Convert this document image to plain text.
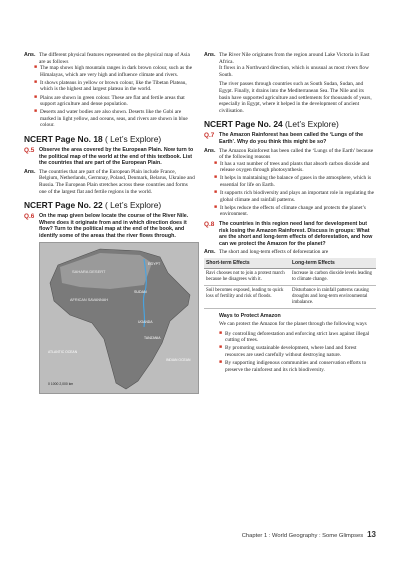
Ans. The different physical features represented on the physical map of Asia are as follows
■ The map shows high mountain ranges in dark brown colour, such as the Himalayas, which are very high and influence climate and rivers.
■ It shows plateaus in yellow or brown colour, like the Tibetan Plateau, which is the highest and largest plateau in the world.
■ Plains are shown in green colour. These are flat and fertile areas that support agriculture and dense population.
■ Deserts and water bodies are also shown. Deserts like the Gobi are marked in light yellow, and oceans, seas, and rivers are shown in blue colour.
NCERT Page No. 18 ( Let’s Explore)
Q.5 Observe the area covered by the European Plain. Now turn to the political map of the world at the end of this textbook. List the countries that are part of the European Plain.
Ans. The countries that are part of the European Plain include France, Belgium, Netherlands, Germnay, Poland, Denmark, Belarus, Ukraine and Russia. The European Plain stretches across these countries and forms one of the largest flat and fertile regions in the world.
NCERT Page No. 22 ( Let’s Explore)
Q.6 On the map given below locate the course of the River Nile. Where does it originate from and in which direction does it flow? Turn to the political map at the end of the book, and identify some of the areas that the river flows through.
SAHARA DESERT
EGYPT
SUDAN
AFRICAN SAVANNAH
UGANDA
TANZANIA
ATLANTIC OCEAN
INDIAN OCEAN
0 1000 2,000 km
Ans. The River Nile originates from the region around Lake Victoria in East Africa.

It flows in a Northward direction, which is unusual as most rivers flow South.

The river passes through countries such as South Sudan, Sudan, and Egypt. Finally, it drains into the Mediterranean Sea. The Nile and its basin have supported agriculture and settlements for thousands of years, especially in Egypt, where it helped in the development of ancient civilisation.

NCERT Page No. 24 (Let’s Explore)
Q.7 The Amazon Rainforest has been called the ‘Lungs of the Earth’. Why do you think this might be so?
Ans. The Amazon Rainforest has been called the ‘Lungs of the Earth’ because of the following reasons
■ It has a vast number of trees and plants that absorb carbon dioxide and release oxygen through photosynthesis.
■ It helps in maintaining the balance of gases in the atmosphere, which is essential for life on Earth.
■ It supports rich biodiversity and plays an important role in regulating the global climate and rainfall patterns.
■ It helps reduce the effects of climate change and protects the planet’s environment.
Q.8 The countries in this region need land for development but risk losing the Amazon Rainforest. Discuss in groups: What are the short and long-term effects of deforestation, and how can we protect the Amazon for the planet?
Ans. The short and long-term effects of deforestation are
Short-term Effects	Long-term Effects
Ravi chooses not to join a protest march because he disagrees with it.	Increase in carbon dioxide levels leading to climate change.
Soil becomes exposed, leading to quick loss of fertility and risk of floods.	Disturbance in rainfall patterns causing droughts and long-term environmental imbalance.
Ways to Protect Amazon

We can protect the Amazon for the planet through the following ways

■ By controlling deforestation and enforcing strict laws against illegal cutting of trees.
■ By promoting sustainable development, where land and forest resources are used carefully without destroying nature.
■ By supporting indigenous communities and conservation efforts to preserve the rainforest and its rich biodiversity.
Chapter 1 : World Geography : Some Glimpses 13
